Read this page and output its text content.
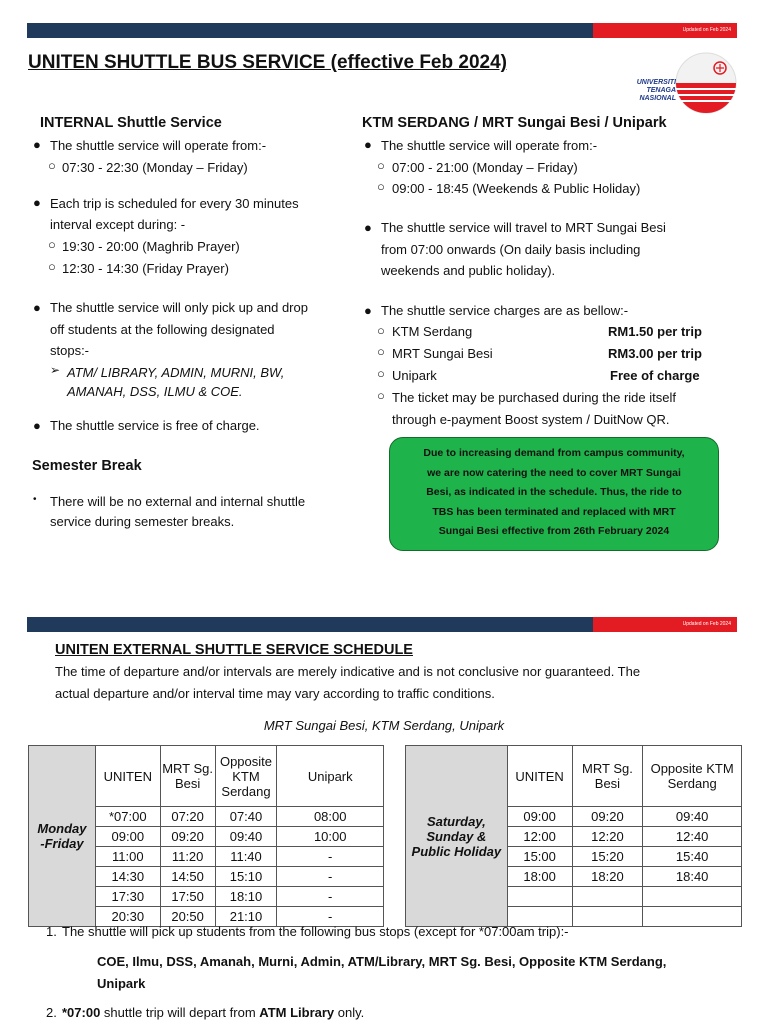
Updated on Feb 2024
UNITEN SHUTTLE BUS SERVICE (effective Feb 2024)
UNIVERSITI
TENAGA
NASIONAL
INTERNAL Shuttle Service
● The shuttle service will operate from:-
○ 07:30 - 22:30 (Monday – Friday)
● Each trip is scheduled for every 30 minutes
interval except during: -
○ 19:30 - 20:00 (Maghrib Prayer)
○ 12:30 - 14:30 (Friday Prayer)
● The shuttle service will only pick up and drop
off students at the following designated
stops:-
➢ ATM/ LIBRARY, ADMIN, MURNI, BW,
AMANAH, DSS, ILMU & COE.
● The shuttle service is free of charge.
Semester Break
• There will be no external and internal shuttle
service during semester breaks.
KTM SERDANG / MRT Sungai Besi / Unipark
● The shuttle service will operate from:-
○ 07:00 - 21:00 (Monday – Friday)
○ 09:00 - 18:45 (Weekends & Public Holiday)
● The shuttle service will travel to MRT Sungai Besi
from 07:00 onwards (On daily basis including
weekends and public holiday).
● The shuttle service charges are as bellow:-
○ KTM Serdang	RM1.50 per trip
○ MRT Sungai Besi	RM3.00 per trip
○ Unipark	Free of charge
○ The ticket may be purchased during the ride itself
through e-payment Boost system / DuitNow QR.
Due to increasing demand from campus community,
we are now catering the need to cover MRT Sungai
Besi, as indicated in the schedule. Thus, the ride to
TBS has been terminated and replaced with MRT
Sungai Besi effective from 26th February 2024
Updated on Feb 2024
UNITEN EXTERNAL SHUTTLE SERVICE SCHEDULE
The time of departure and/or intervals are merely indicative and is not conclusive nor guaranteed. The
actual departure and/or interval time may vary according to traffic conditions.
MRT Sungai Besi, KTM Serdang, Unipark
Monday
-Friday	UNITEN	MRT Sg. Besi	Opposite KTM Serdang	Unipark
	*07:00	07:20	07:40	08:00
	09:00	09:20	09:40	10:00
	11:00	11:20	11:40	-
	14:30	14:50	15:10	-
	17:30	17:50	18:10	-
	20:30	20:50	21:10	-
Saturday,
Sunday &
Public Holiday	UNITEN	MRT Sg. Besi	Opposite KTM Serdang
	09:00	09:20	09:40
	12:00	12:20	12:40
	15:00	15:20	15:40
	18:00	18:20	18:40

1. The shuttle will pick up students from the following bus stops (except for *07:00am trip):-
COE, Ilmu, DSS, Amanah, Murni, Admin, ATM/Library, MRT Sg. Besi, Opposite KTM Serdang,
Unipark
2. *07:00 shuttle trip will depart from ATM Library only.
